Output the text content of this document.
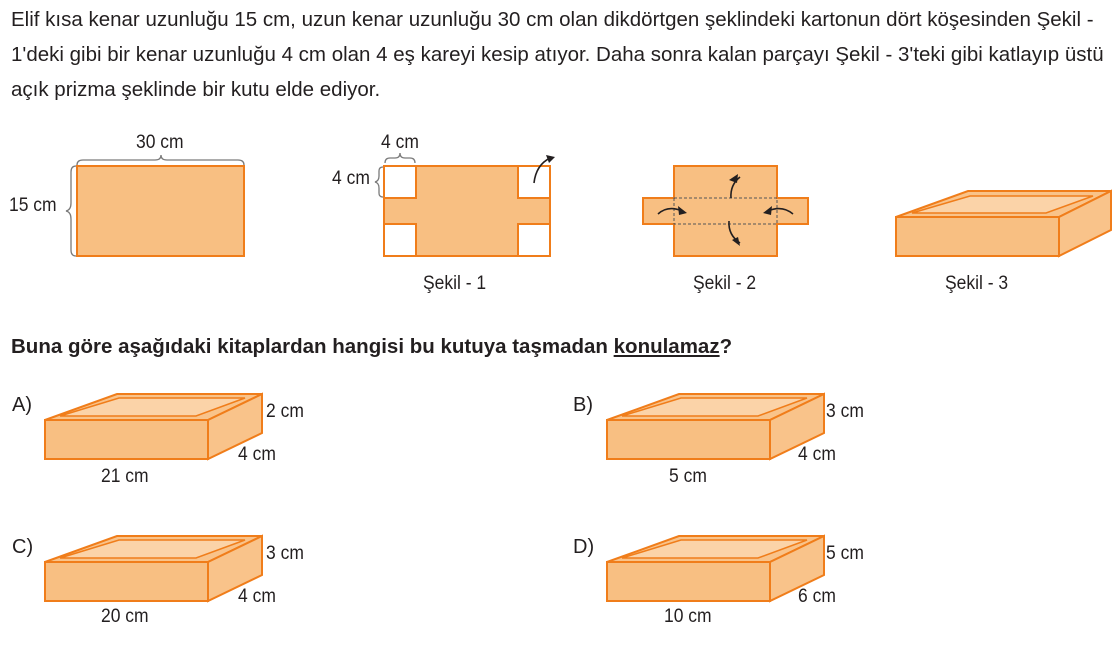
Elif kısa kenar uzunluğu 15 cm, uzun kenar uzunluğu 30 cm olan dikdörtgen şeklindeki kartonun dört köşesinden Şekil - 1'deki gibi bir kenar uzunluğu 4 cm olan 4 eş kareyi kesip atıyor. Daha sonra kalan parçayı Şekil - 3'teki gibi katlayıp üstü açık prizma şeklinde bir kutu elde ediyor.
30 cm
15 cm
4 cm
4 cm
Şekil - 1	Şekil - 2	Şekil - 3
Buna göre aşağıdaki kitaplardan hangisi bu kutuya taşmadan konulamaz?
A)	2 cm
4 cm
21 cm
B)	3 cm
4 cm
5 cm
C)	3 cm
4 cm
20 cm
D)	5 cm
6 cm
10 cm
